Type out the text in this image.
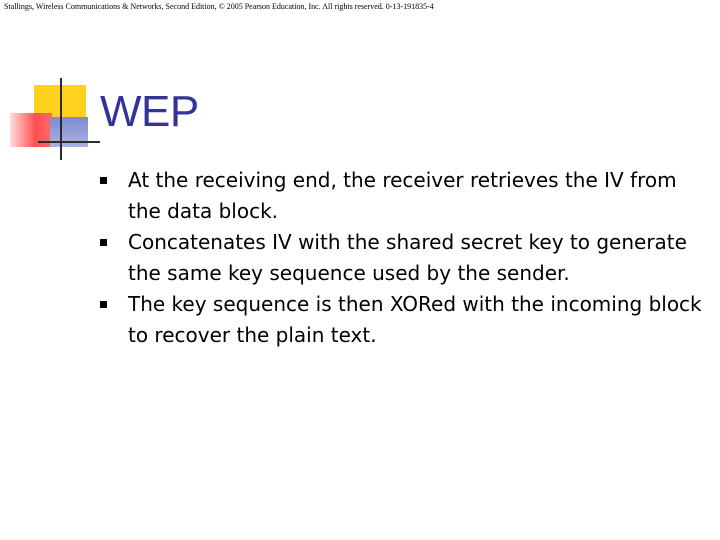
Stallings, Wireless Communications & Networks, Second Edition, © 2005 Pearson Education, Inc. All rights reserved. 0-13-191835-4
WEP
At the receiving end, the receiver retrieves the IV from the data block.
Concatenates IV with the shared secret key to generate the same key sequence used by the sender.
The key sequence is then XORed with the incoming block to recover the plain text.
